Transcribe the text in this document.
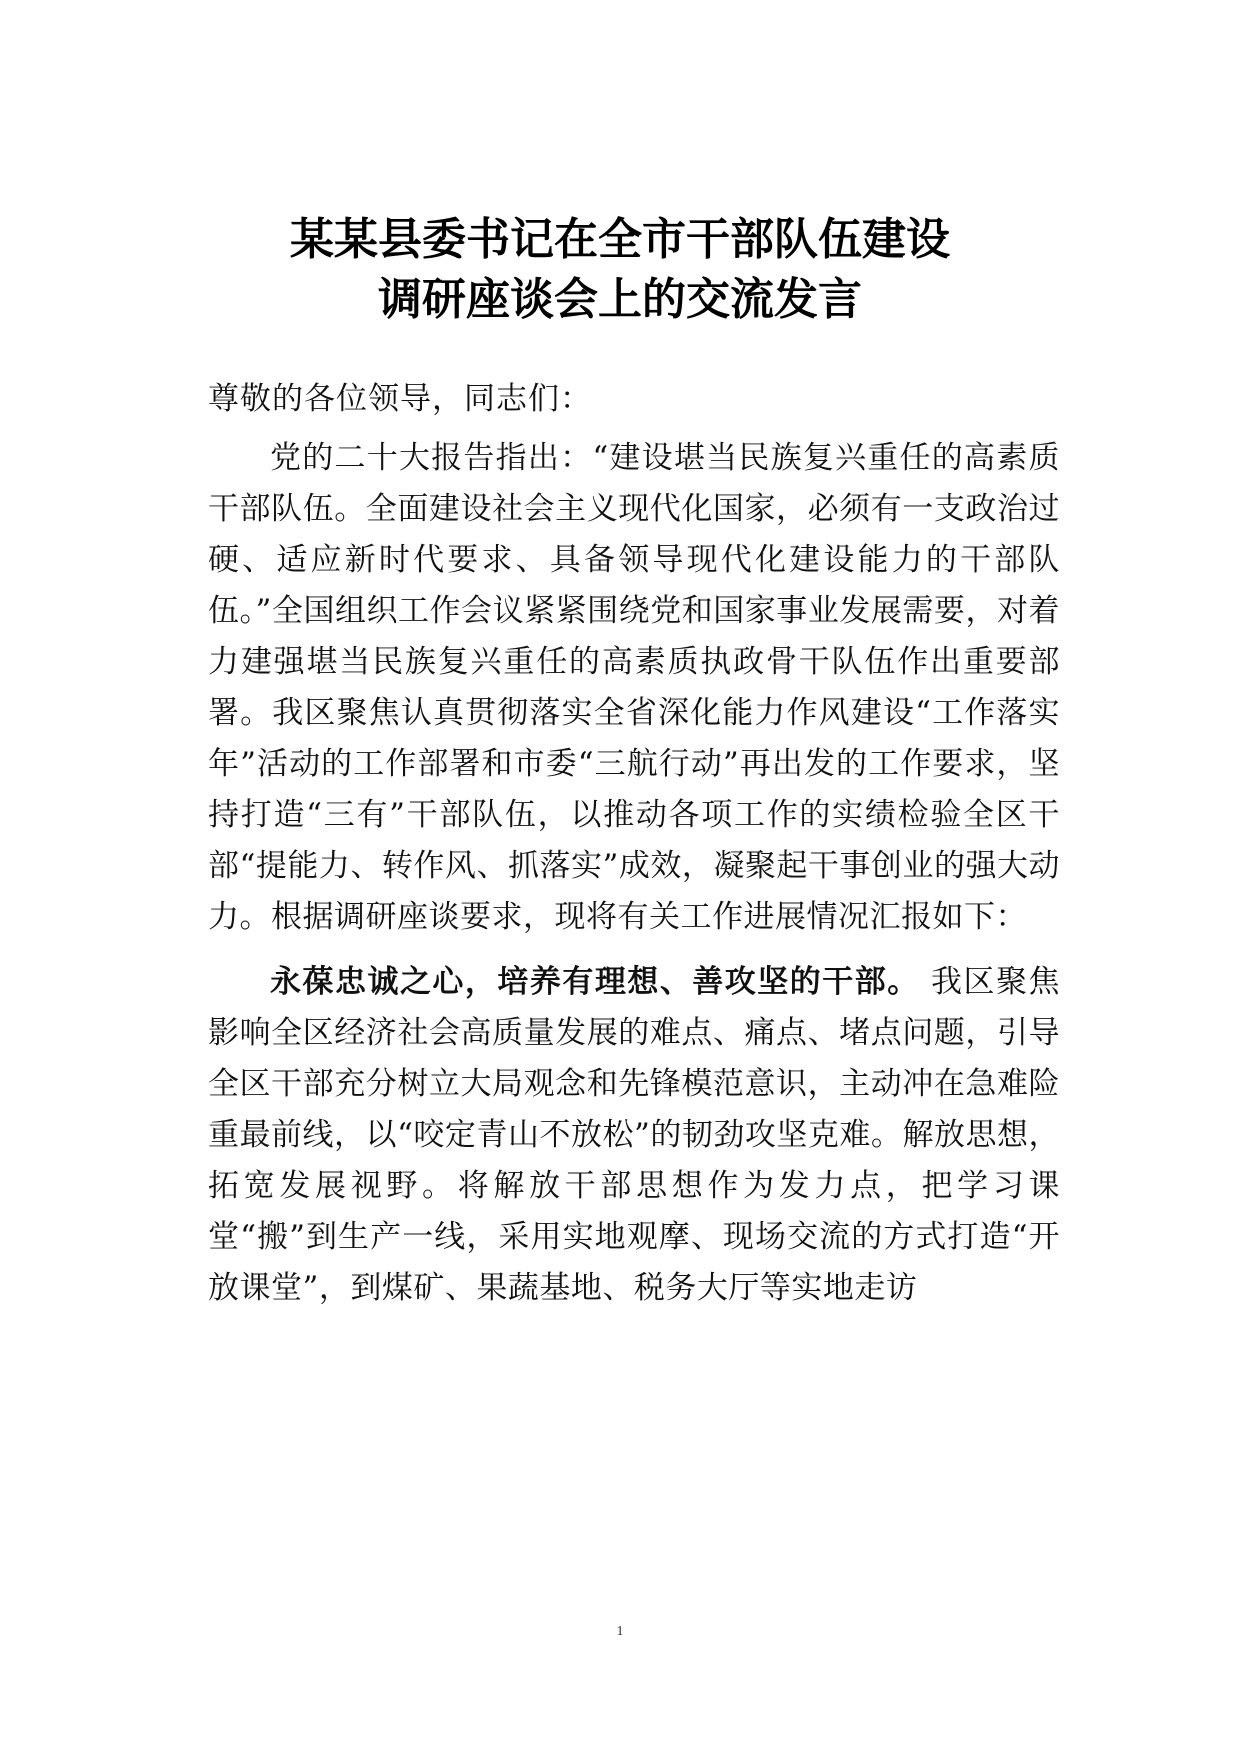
某某县委书记在全市干部队伍建设
调研座谈会上的交流发言

尊敬的各位领导，同志们：

党的二十大报告指出：“建设堪当民族复兴重任的高素质干部队伍。全面建设社会主义现代化国家，必须有一支政治过硬、适应新时代要求、具备领导现代化建设能力的干部队伍。”全国组织工作会议紧紧围绕党和国家事业发展需要，对着力建强堪当民族复兴重任的高素质执政骨干队伍作出重要部署。我区聚焦认真贯彻落实全省深化能力作风建设“工作落实年”活动的工作部署和市委“三航行动”再出发的工作要求，坚持打造“三有”干部队伍，以推动各项工作的实绩检验全区干部“提能力、转作风、抓落实”成效，凝聚起干事创业的强大动力。根据调研座谈要求，现将有关工作进展情况汇报如下：

永葆忠诚之心，培养有理想、善攻坚的干部。 我区聚焦影响全区经济社会高质量发展的难点、痛点、堵点问题，引导全区干部充分树立大局观念和先锋模范意识，主动冲在急难险重最前线，以“咬定青山不放松”的韧劲攻坚克难。解放思想，拓宽发展视野。将解放干部思想作为发力点，把学习课堂“搬”到生产一线，采用实地观摩、现场交流的方式打造“开放课堂”，到煤矿、果蔬基地、税务大厅等实地走访

1
